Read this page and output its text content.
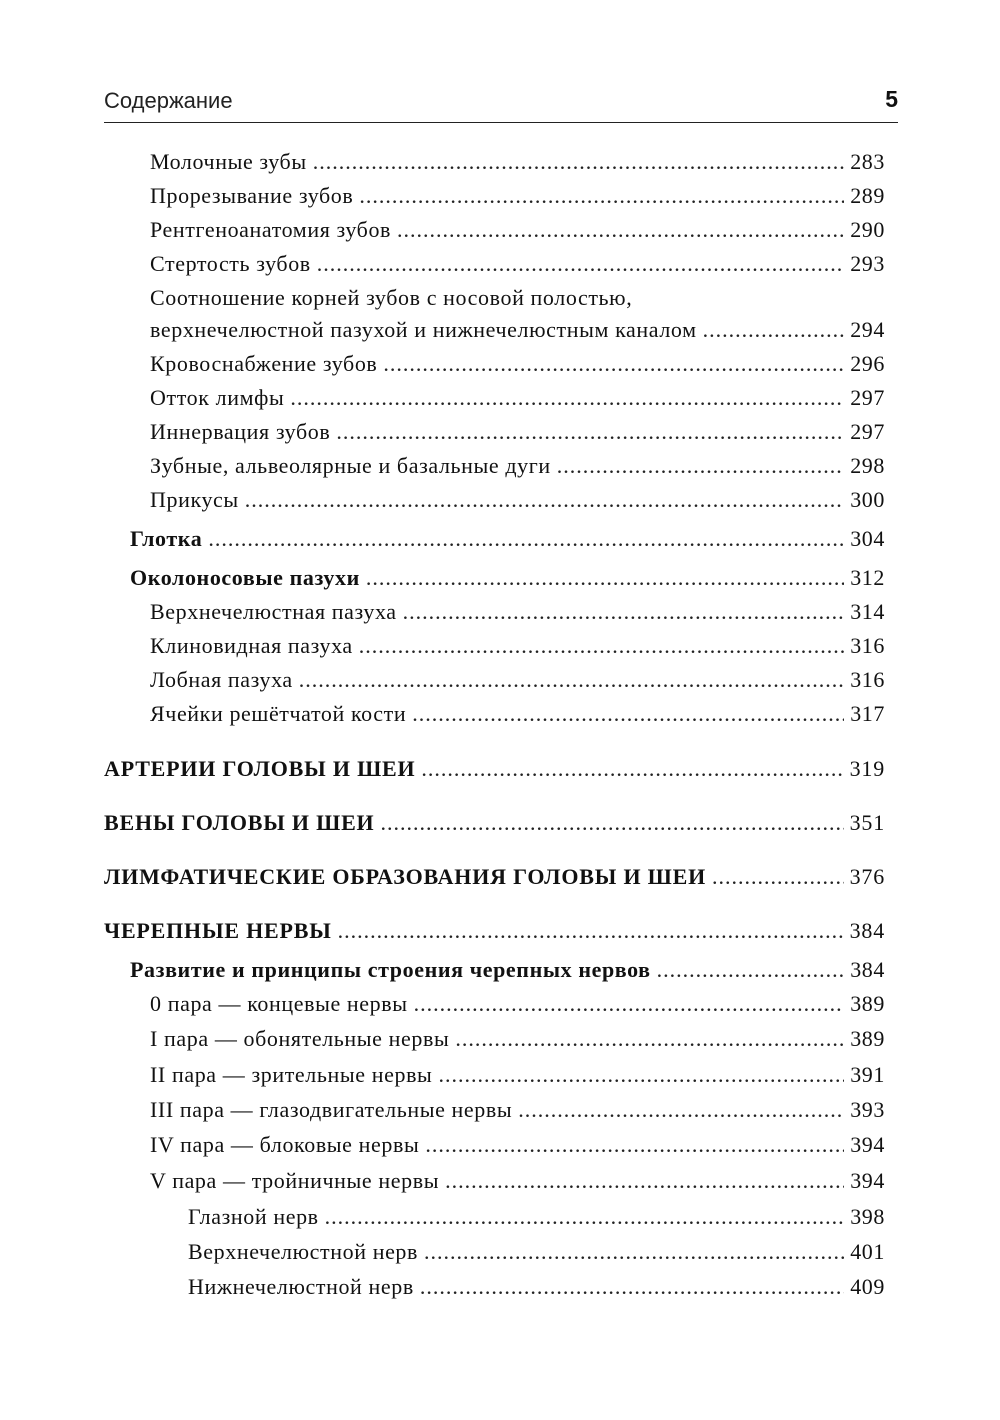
Содержание	5
Молочные зубы .....	283
Прорезывание зубов .....	289
Рентгеноанатомия зубов .....	290
Стертость зубов .....	293
Соотношение корней зубов с носовой полостью,
верхнечелюстной пазухой и нижнечелюстным каналом .....	294
Кровоснабжение зубов .....	296
Отток лимфы .....	297
Иннервация зубов .....	297
Зубные, альвеолярные и базальные дуги .....	298
Прикусы .....	300
Глотка .....	304
Околоносовые пазухи .....	312
Верхнечелюстная пазуха .....	314
Клиновидная пазуха .....	316
Лобная пазуха .....	316
Ячейки решётчатой кости .....	317
АРТЕРИИ ГОЛОВЫ И ШЕИ .....	319
ВЕНЫ ГОЛОВЫ И ШЕИ .....	351
ЛИМФАТИЧЕСКИЕ ОБРАЗОВАНИЯ ГОЛОВЫ И ШЕИ .....	376
ЧЕРЕПНЫЕ НЕРВЫ .....	384
Развитие и принципы строения черепных нервов .....	384
0 пара — концевые нервы .....	389
I пара — обонятельные нервы .....	389
II пара — зрительные нервы .....	391
III пара — глазодвигательные нервы .....	393
IV пара — блоковые нервы .....	394
V пара — тройничные нервы .....	394
Глазной нерв .....	398
Верхнечелюстной нерв .....	401
Нижнечелюстной нерв .....	409
